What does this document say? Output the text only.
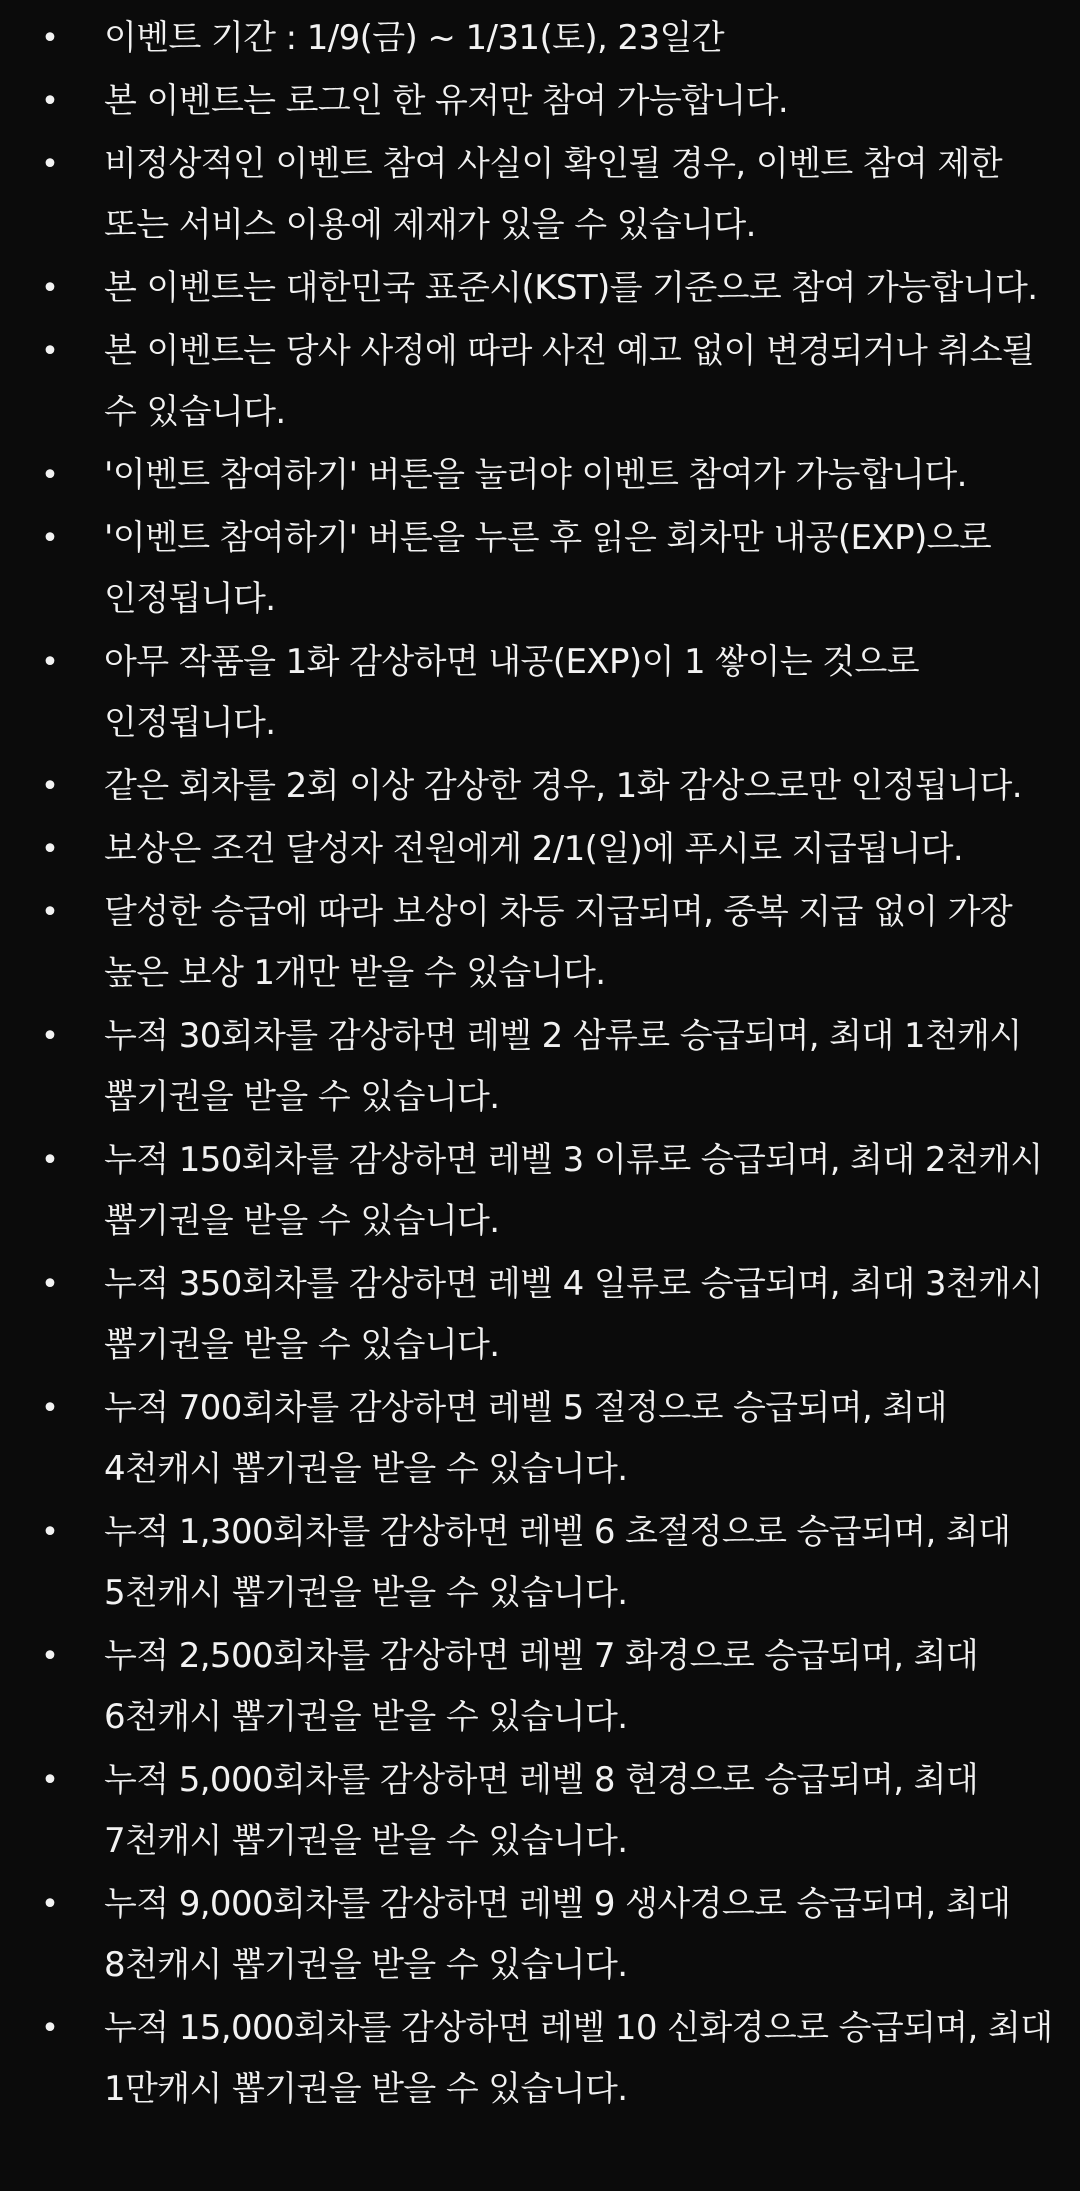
•	이벤트 기간 : 1/9(금) ~ 1/31(토), 23일간
•	본 이벤트는 로그인 한 유저만 참여 가능합니다.
•	비정상적인 이벤트 참여 사실이 확인될 경우, 이벤트 참여 제한 또는 서비스 이용에 제재가 있을 수 있습니다.
•	본 이벤트는 대한민국 표준시(KST)를 기준으로 참여 가능합니다.
•	본 이벤트는 당사 사정에 따라 사전 예고 없이 변경되거나 취소될 수 있습니다.
•	'이벤트 참여하기' 버튼을 눌러야 이벤트 참여가 가능합니다.
•	'이벤트 참여하기' 버튼을 누른 후 읽은 회차만 내공(EXP)으로 인정됩니다.
•	아무 작품을 1화 감상하면 내공(EXP)이 1 쌓이는 것으로 인정됩니다.
•	같은 회차를 2회 이상 감상한 경우, 1화 감상으로만 인정됩니다.
•	보상은 조건 달성자 전원에게 2/1(일)에 푸시로 지급됩니다.
•	달성한 승급에 따라 보상이 차등 지급되며, 중복 지급 없이 가장 높은 보상 1개만 받을 수 있습니다.
•	누적 30회차를 감상하면 레벨 2 삼류로 승급되며, 최대 1천캐시 뽑기권을 받을 수 있습니다.
•	누적 150회차를 감상하면 레벨 3 이류로 승급되며, 최대 2천캐시 뽑기권을 받을 수 있습니다.
•	누적 350회차를 감상하면 레벨 4 일류로 승급되며, 최대 3천캐시 뽑기권을 받을 수 있습니다.
•	누적 700회차를 감상하면 레벨 5 절정으로 승급되며, 최대 4천캐시 뽑기권을 받을 수 있습니다.
•	누적 1,300회차를 감상하면 레벨 6 초절정으로 승급되며, 최대 5천캐시 뽑기권을 받을 수 있습니다.
•	누적 2,500회차를 감상하면 레벨 7 화경으로 승급되며, 최대 6천캐시 뽑기권을 받을 수 있습니다.
•	누적 5,000회차를 감상하면 레벨 8 현경으로 승급되며, 최대 7천캐시 뽑기권을 받을 수 있습니다.
•	누적 9,000회차를 감상하면 레벨 9 생사경으로 승급되며, 최대 8천캐시 뽑기권을 받을 수 있습니다.
•	누적 15,000회차를 감상하면 레벨 10 신화경으로 승급되며, 최대 1만캐시 뽑기권을 받을 수 있습니다.
